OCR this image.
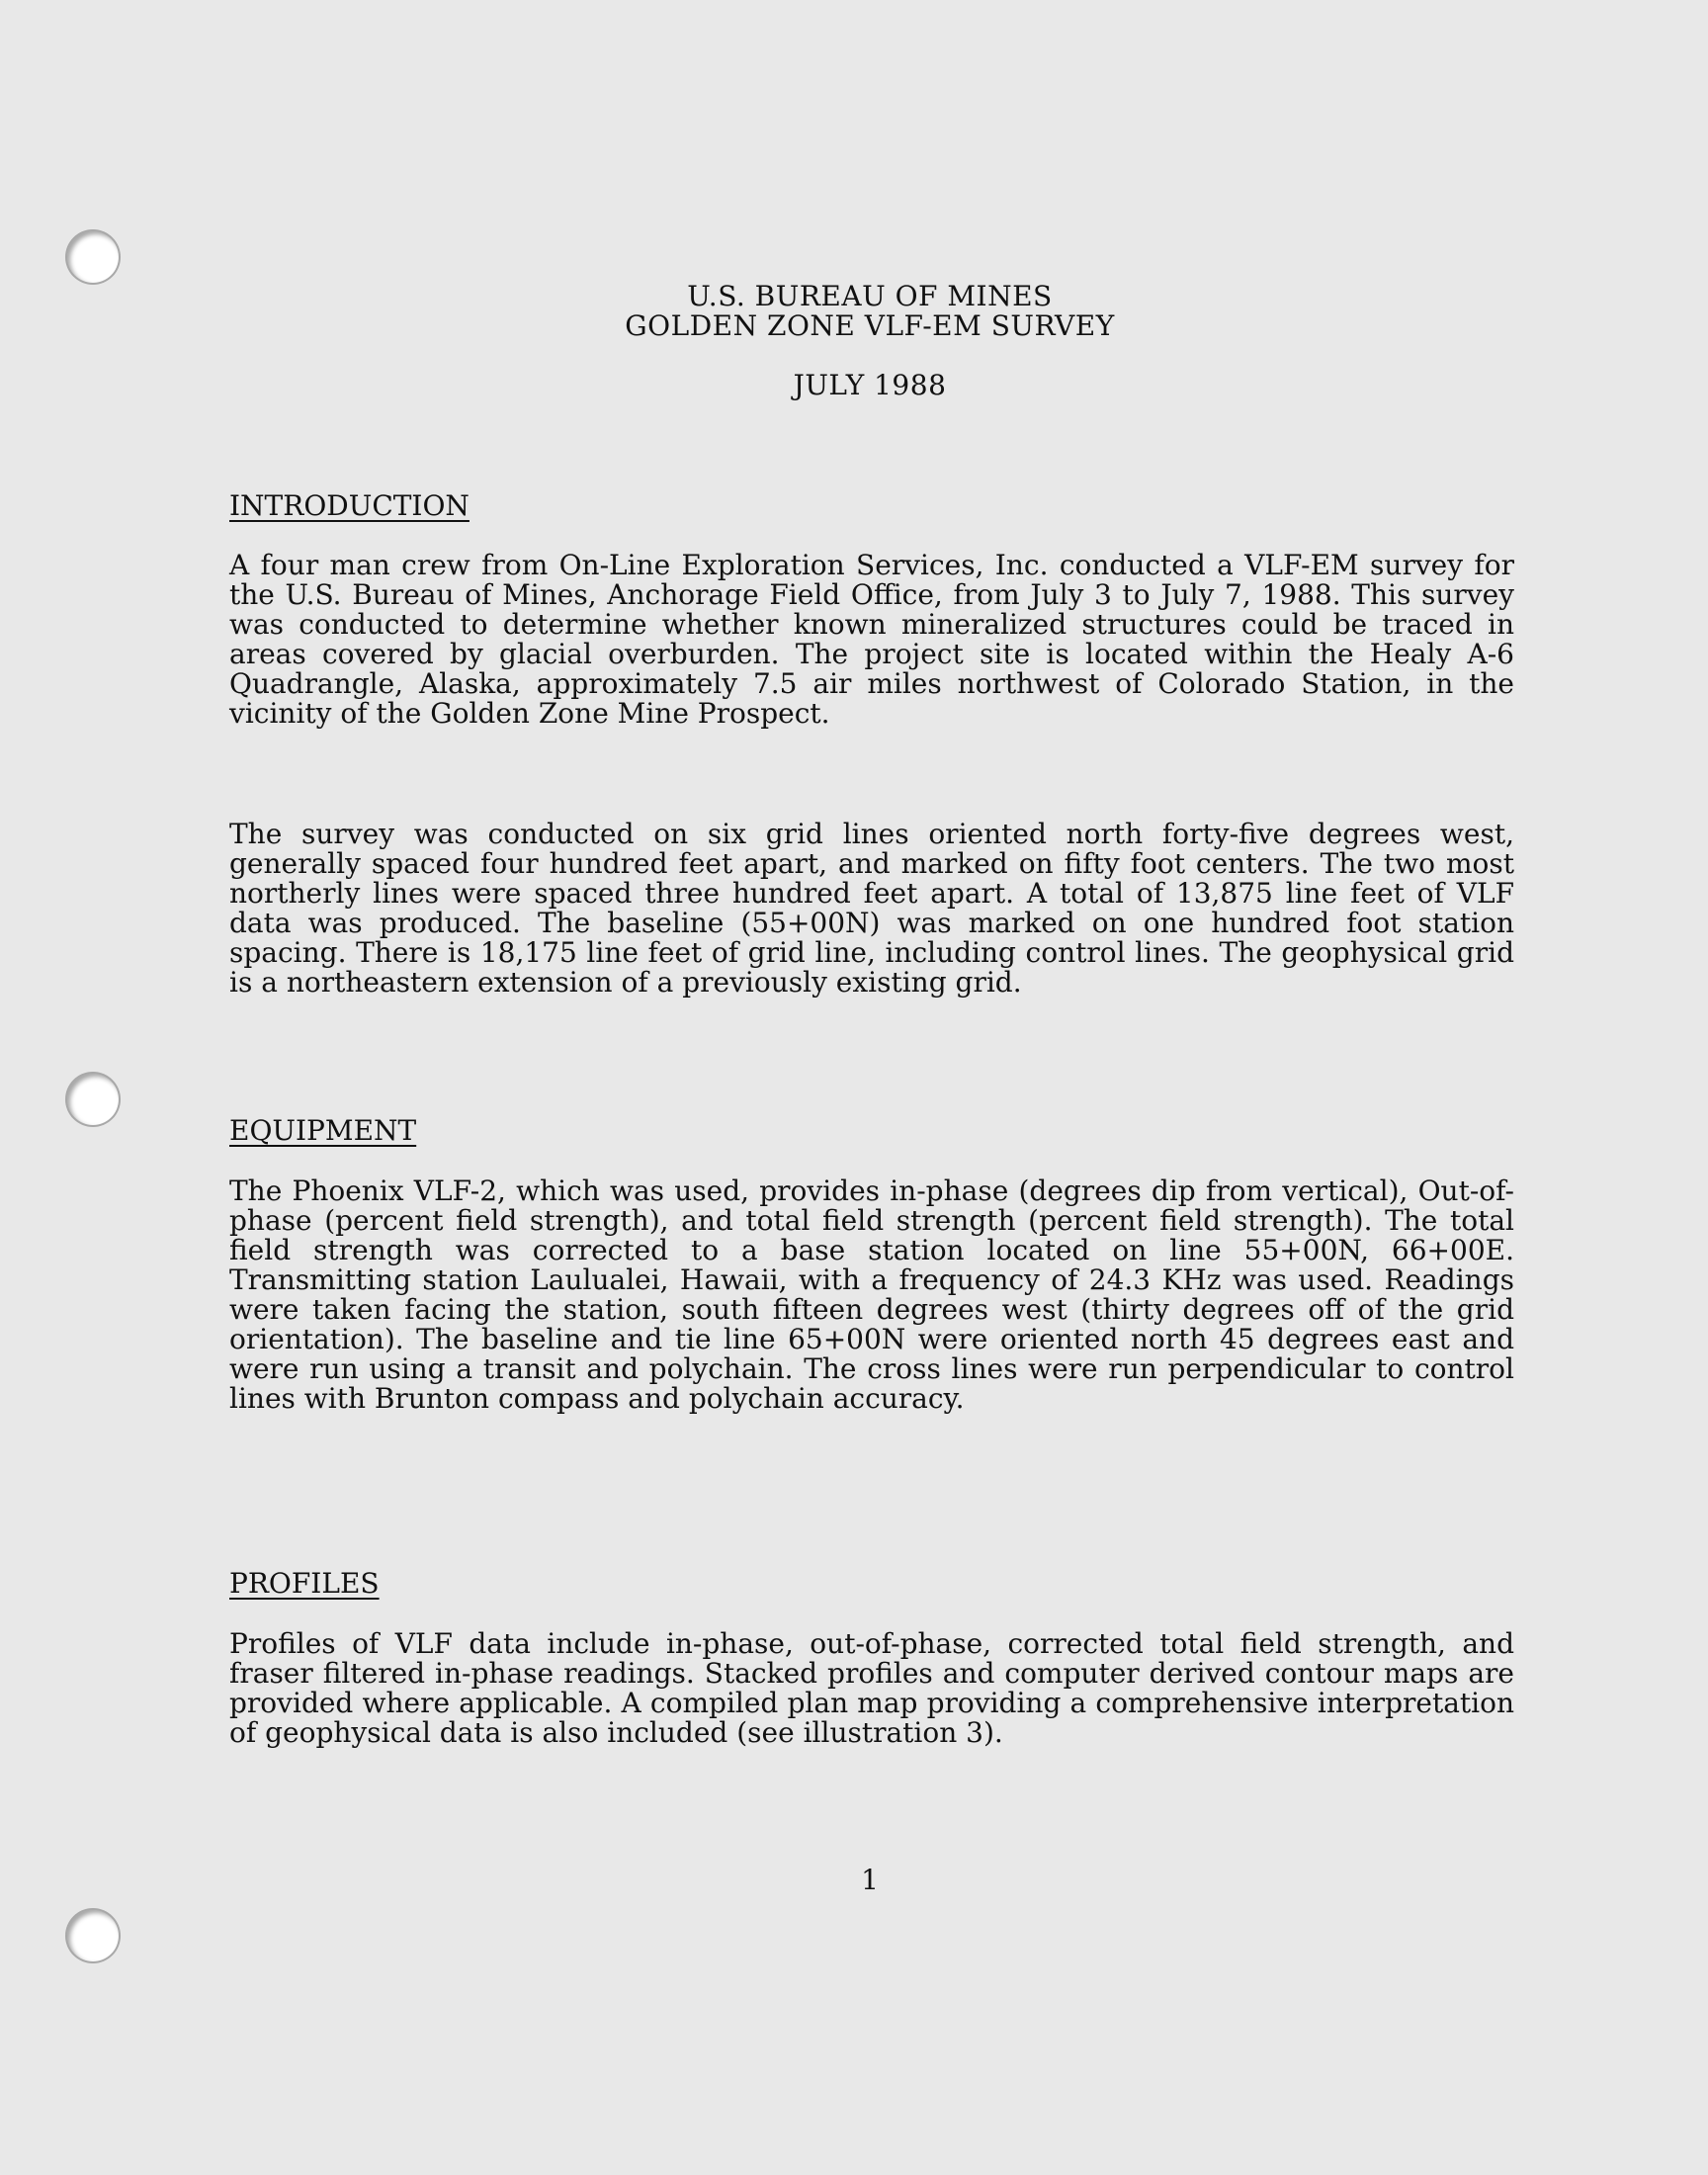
U.S. BUREAU OF MINES
GOLDEN ZONE VLF-EM SURVEY
JULY 1988
INTRODUCTION

A four man crew from On-Line Exploration Services, Inc. conducted a VLF-EM survey for the U.S. Bureau of Mines, Anchorage Field Office, from July 3 to July 7, 1988. This survey was conducted to determine whether known mineralized structures could be traced in areas covered by glacial overburden. The project site is located within the Healy A-6 Quadrangle, Alaska, approximately 7.5 air miles northwest of Colorado Station, in the vicinity of the Golden Zone Mine Prospect.

The survey was conducted on six grid lines oriented north forty-five degrees west, generally spaced four hundred feet apart, and marked on fifty foot centers. The two most northerly lines were spaced three hundred feet apart. A total of 13,875 line feet of VLF data was produced. The baseline (55+00N) was marked on one hundred foot station spacing. There is 18,175 line feet of grid line, including control lines. The geophysical grid is a northeastern extension of a previously existing grid.

EQUIPMENT

The Phoenix VLF-2, which was used, provides in-phase (degrees dip from vertical), Out-of-phase (percent field strength), and total field strength (percent field strength). The total field strength was corrected to a base station located on line 55+00N, 66+00E. Transmitting station Laulualei, Hawaii, with a frequency of 24.3 KHz was used. Readings were taken facing the station, south fifteen degrees west (thirty degrees off of the grid orientation). The baseline and tie line 65+00N were oriented north 45 degrees east and were run using a transit and polychain. The cross lines were run perpendicular to control lines with Brunton compass and polychain accuracy.

PROFILES

Profiles of VLF data include in-phase, out-of-phase, corrected total field strength, and fraser filtered in-phase readings. Stacked profiles and computer derived contour maps are provided where applicable. A compiled plan map providing a comprehensive interpretation of geophysical data is also included (see illustration 3).

1
